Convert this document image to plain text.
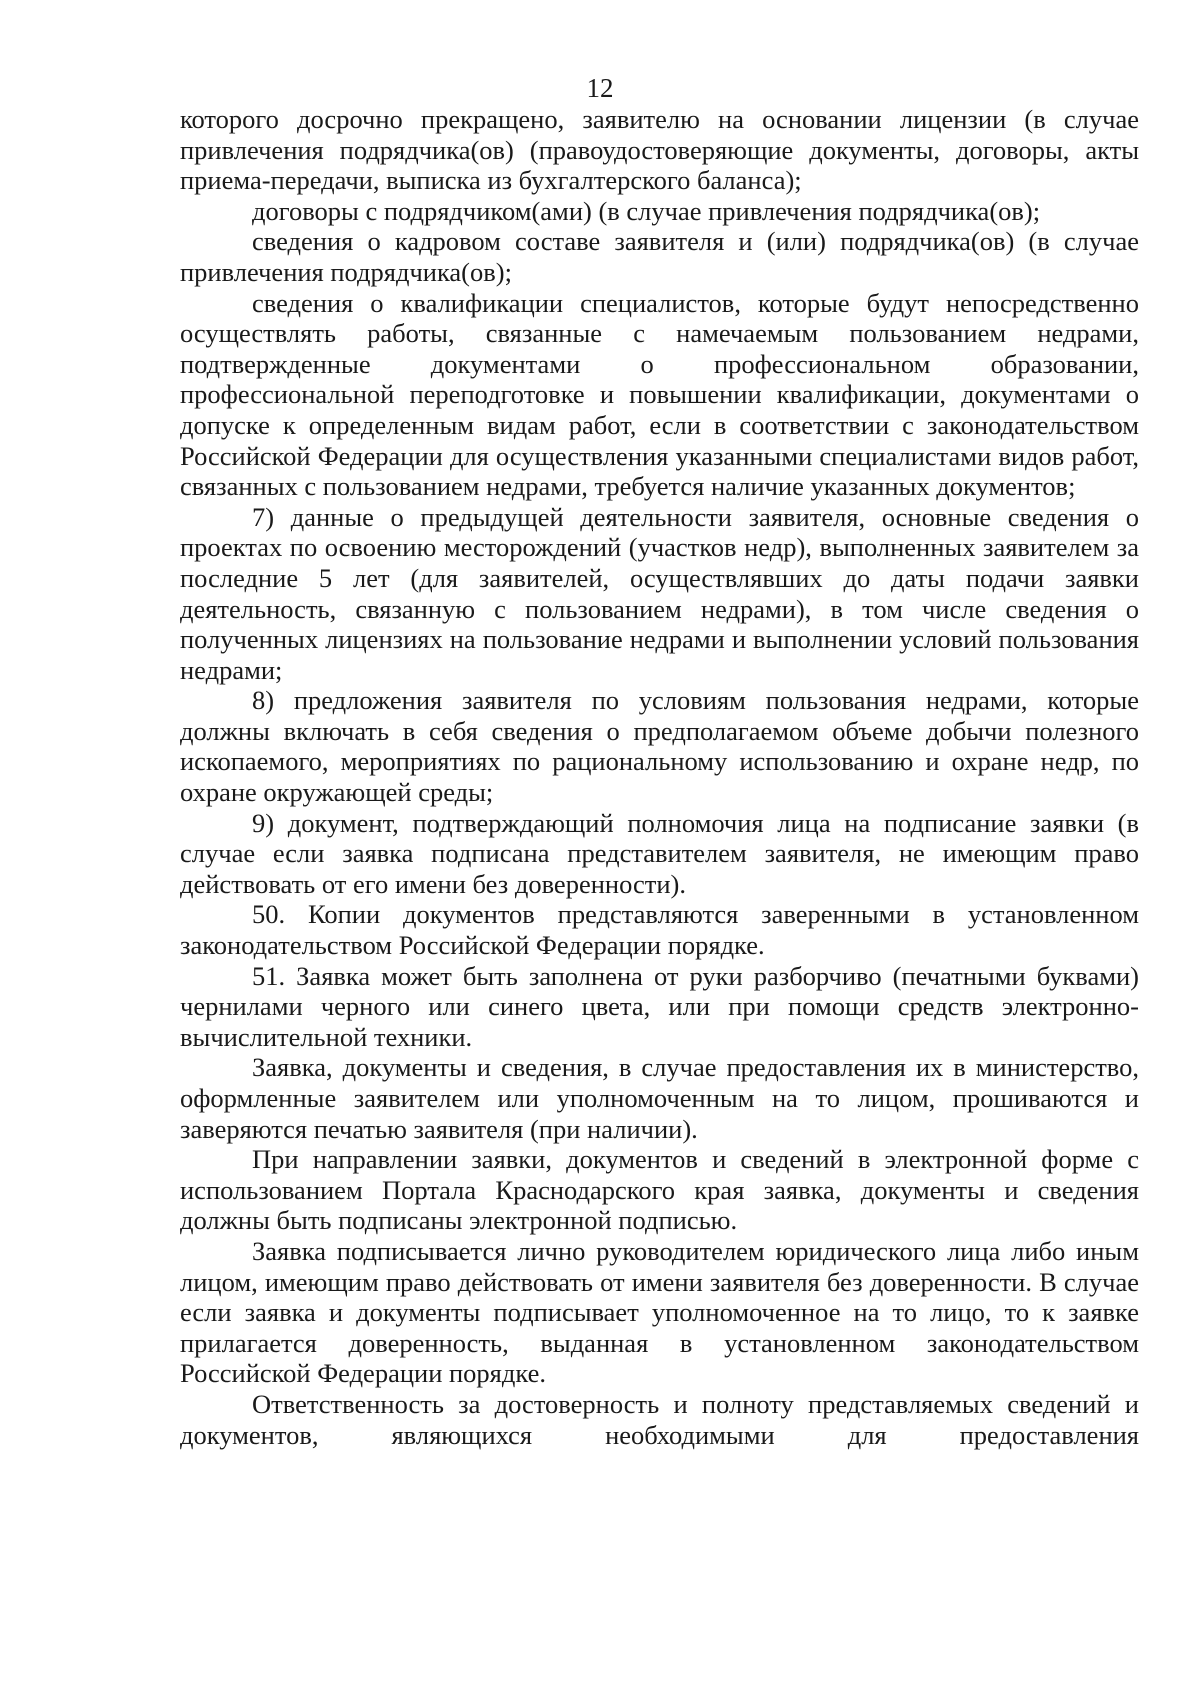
12

которого досрочно прекращено, заявителю на основании лицензии (в случае привлечения подрядчика(ов) (правоудостоверяющие документы, договоры, акты приема-передачи, выписка из бухгалтерского баланса);

договоры с подрядчиком(ами) (в случае привлечения подрядчика(ов);

сведения о кадровом составе заявителя и (или) подрядчика(ов) (в случае привлечения подрядчика(ов);

сведения о квалификации специалистов, которые будут непосредственно осуществлять работы, связанные с намечаемым пользованием недрами, подтвержденные документами о профессиональном образовании, профессиональной переподготовке и повышении квалификации, документами о допуске к определенным видам работ, если в соответствии с законодательством Российской Федерации для осуществления указанными специалистами видов работ, связанных с пользованием недрами, требуется наличие указанных документов;

7) данные о предыдущей деятельности заявителя, основные сведения о проектах по освоению месторождений (участков недр), выполненных заявителем за последние 5 лет (для заявителей, осуществлявших до даты подачи заявки деятельность, связанную с пользованием недрами), в том числе сведения о полученных лицензиях на пользование недрами и выполнении условий пользования недрами;

8) предложения заявителя по условиям пользования недрами, которые должны включать в себя сведения о предполагаемом объеме добычи полезного ископаемого, мероприятиях по рациональному использованию и охране недр, по охране окружающей среды;

9) документ, подтверждающий полномочия лица на подписание заявки (в случае если заявка подписана представителем заявителя, не имеющим право действовать от его имени без доверенности).

50. Копии документов представляются заверенными в установленном законодательством Российской Федерации порядке.

51. Заявка может быть заполнена от руки разборчиво (печатными буквами) чернилами черного или синего цвета, или при помощи средств электронно-вычислительной техники.

Заявка, документы и сведения, в случае предоставления их в министерство, оформленные заявителем или уполномоченным на то лицом, прошиваются и заверяются печатью заявителя (при наличии).

При направлении заявки, документов и сведений в электронной форме с использованием Портала Краснодарского края заявка, документы и сведения должны быть подписаны электронной подписью.

Заявка подписывается лично руководителем юридического лица либо иным лицом, имеющим право действовать от имени заявителя без доверенности. В случае если заявка и документы подписывает уполномоченное на то лицо, то к заявке прилагается доверенность, выданная в установленном законодательством Российской Федерации порядке.

Ответственность за достоверность и полноту представляемых сведений и документов, являющихся необходимыми для предоставления
